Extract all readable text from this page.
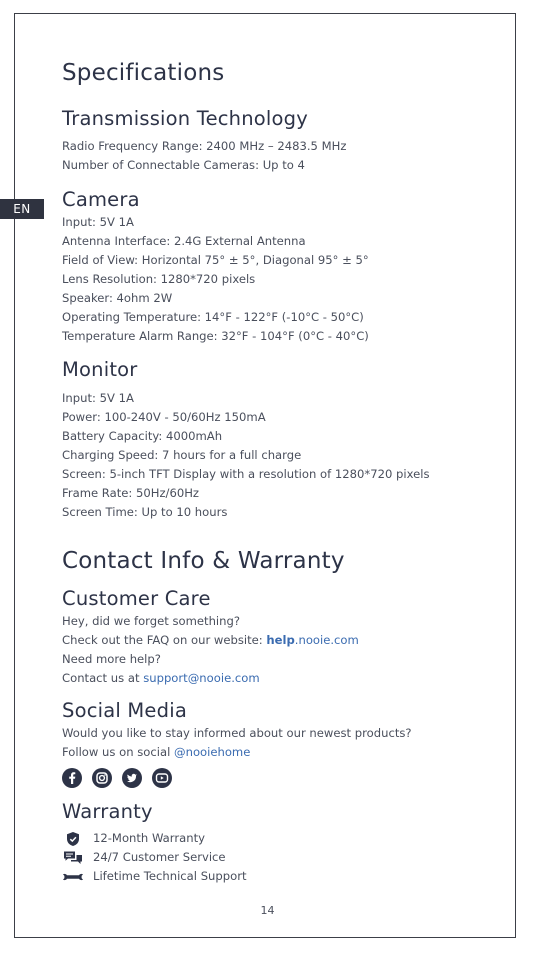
EN
Specifications
Transmission Technology
Radio Frequency Range: 2400 MHz – 2483.5 MHz
Number of Connectable Cameras: Up to 4
Camera
Input: 5V 1A
Antenna Interface: 2.4G External Antenna
Field of View: Horizontal 75° ± 5°, Diagonal 95° ± 5°
Lens Resolution: 1280*720 pixels
Speaker: 4ohm 2W
Operating Temperature: 14°F - 122°F (-10°C - 50°C)
Temperature Alarm Range: 32°F - 104°F (0°C - 40°C)
Monitor
Input: 5V 1A
Power: 100-240V - 50/60Hz 150mA
Battery Capacity: 4000mAh
Charging Speed: 7 hours for a full charge
Screen: 5-inch TFT Display with a resolution of 1280*720 pixels
Frame Rate: 50Hz/60Hz
Screen Time: Up to 10 hours
Contact Info & Warranty
Customer Care
Hey, did we forget something?
Check out the FAQ on our website: help.nooie.com
Need more help?
Contact us at support@nooie.com
Social Media
Would you like to stay informed about our newest products?
Follow us on social @nooiehome
Warranty
12-Month Warranty
24/7 Customer Service
Lifetime Technical Support
14
